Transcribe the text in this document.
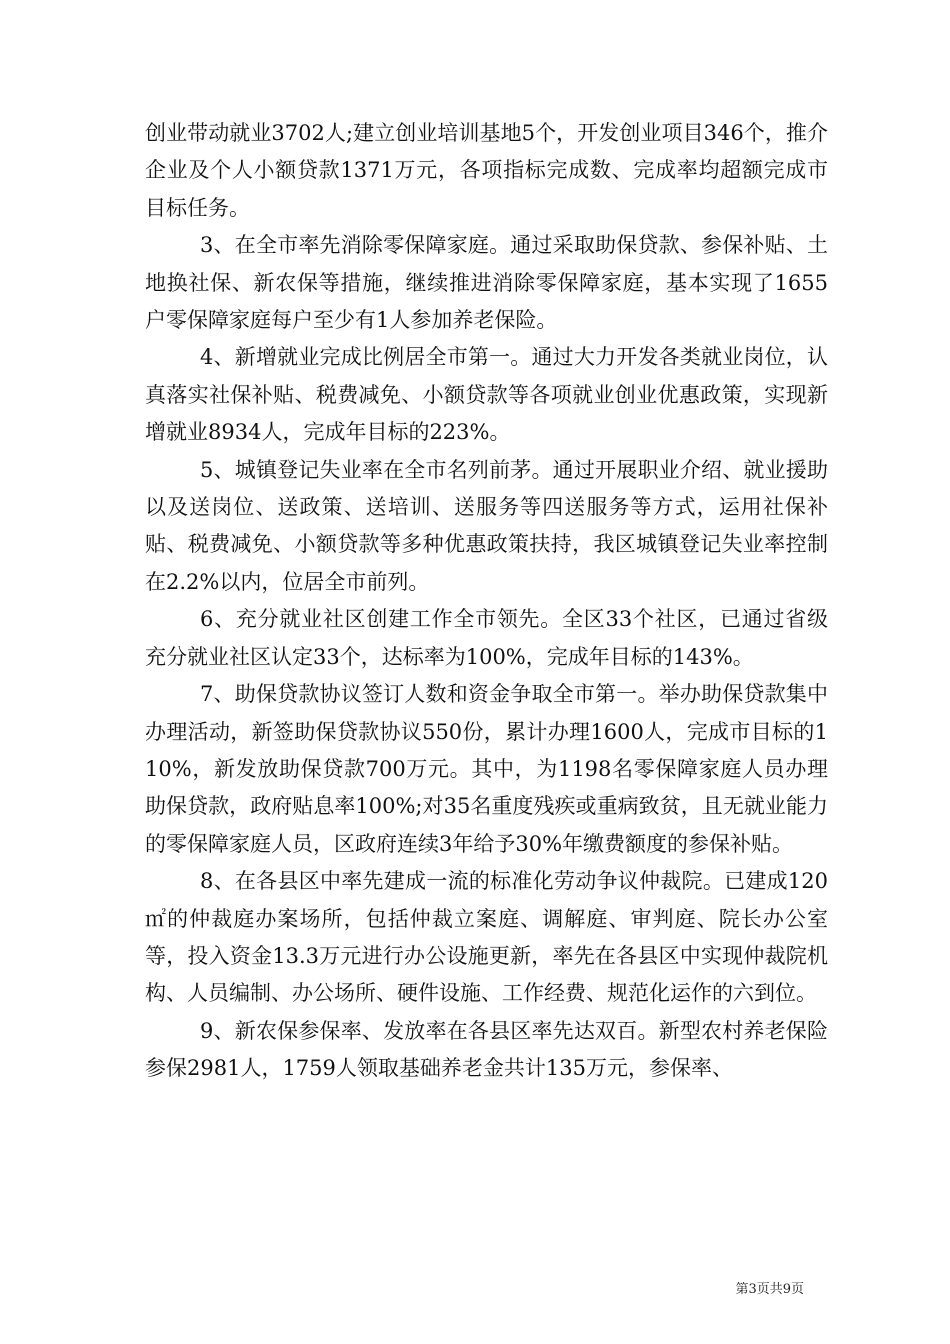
创业带动就业3702人;建立创业培训基地5个，开发创业项目346个，推介企业及个人小额贷款1371万元，各项指标完成数、完成率均超额完成市目标任务。

3、在全市率先消除零保障家庭。通过采取助保贷款、参保补贴、土地换社保、新农保等措施，继续推进消除零保障家庭，基本实现了1655户零保障家庭每户至少有1人参加养老保险。

4、新增就业完成比例居全市第一。通过大力开发各类就业岗位，认真落实社保补贴、税费减免、小额贷款等各项就业创业优惠政策，实现新增就业8934人，完成年目标的223%。

5、城镇登记失业率在全市名列前茅。通过开展职业介绍、就业援助以及送岗位、送政策、送培训、送服务等四送服务等方式，运用社保补贴、税费减免、小额贷款等多种优惠政策扶持，我区城镇登记失业率控制在2.2%以内，位居全市前列。

6、充分就业社区创建工作全市领先。全区33个社区，已通过省级充分就业社区认定33个，达标率为100%，完成年目标的143%。

7、助保贷款协议签订人数和资金争取全市第一。举办助保贷款集中办理活动，新签助保贷款协议550份，累计办理1600人，完成市目标的110%，新发放助保贷款700万元。其中，为1198名零保障家庭人员办理助保贷款，政府贴息率100%;对35名重度残疾或重病致贫，且无就业能力的零保障家庭人员，区政府连续3年给予30%年缴费额度的参保补贴。

8、在各县区中率先建成一流的标准化劳动争议仲裁院。已建成120㎡的仲裁庭办案场所，包括仲裁立案庭、调解庭、审判庭、院长办公室等，投入资金13.3万元进行办公设施更新，率先在各县区中实现仲裁院机构、人员编制、办公场所、硬件设施、工作经费、规范化运作的六到位。

9、新农保参保率、发放率在各县区率先达双百。新型农村养老保险参保2981人，1759人领取基础养老金共计135万元，参保率、

第3页共9页
